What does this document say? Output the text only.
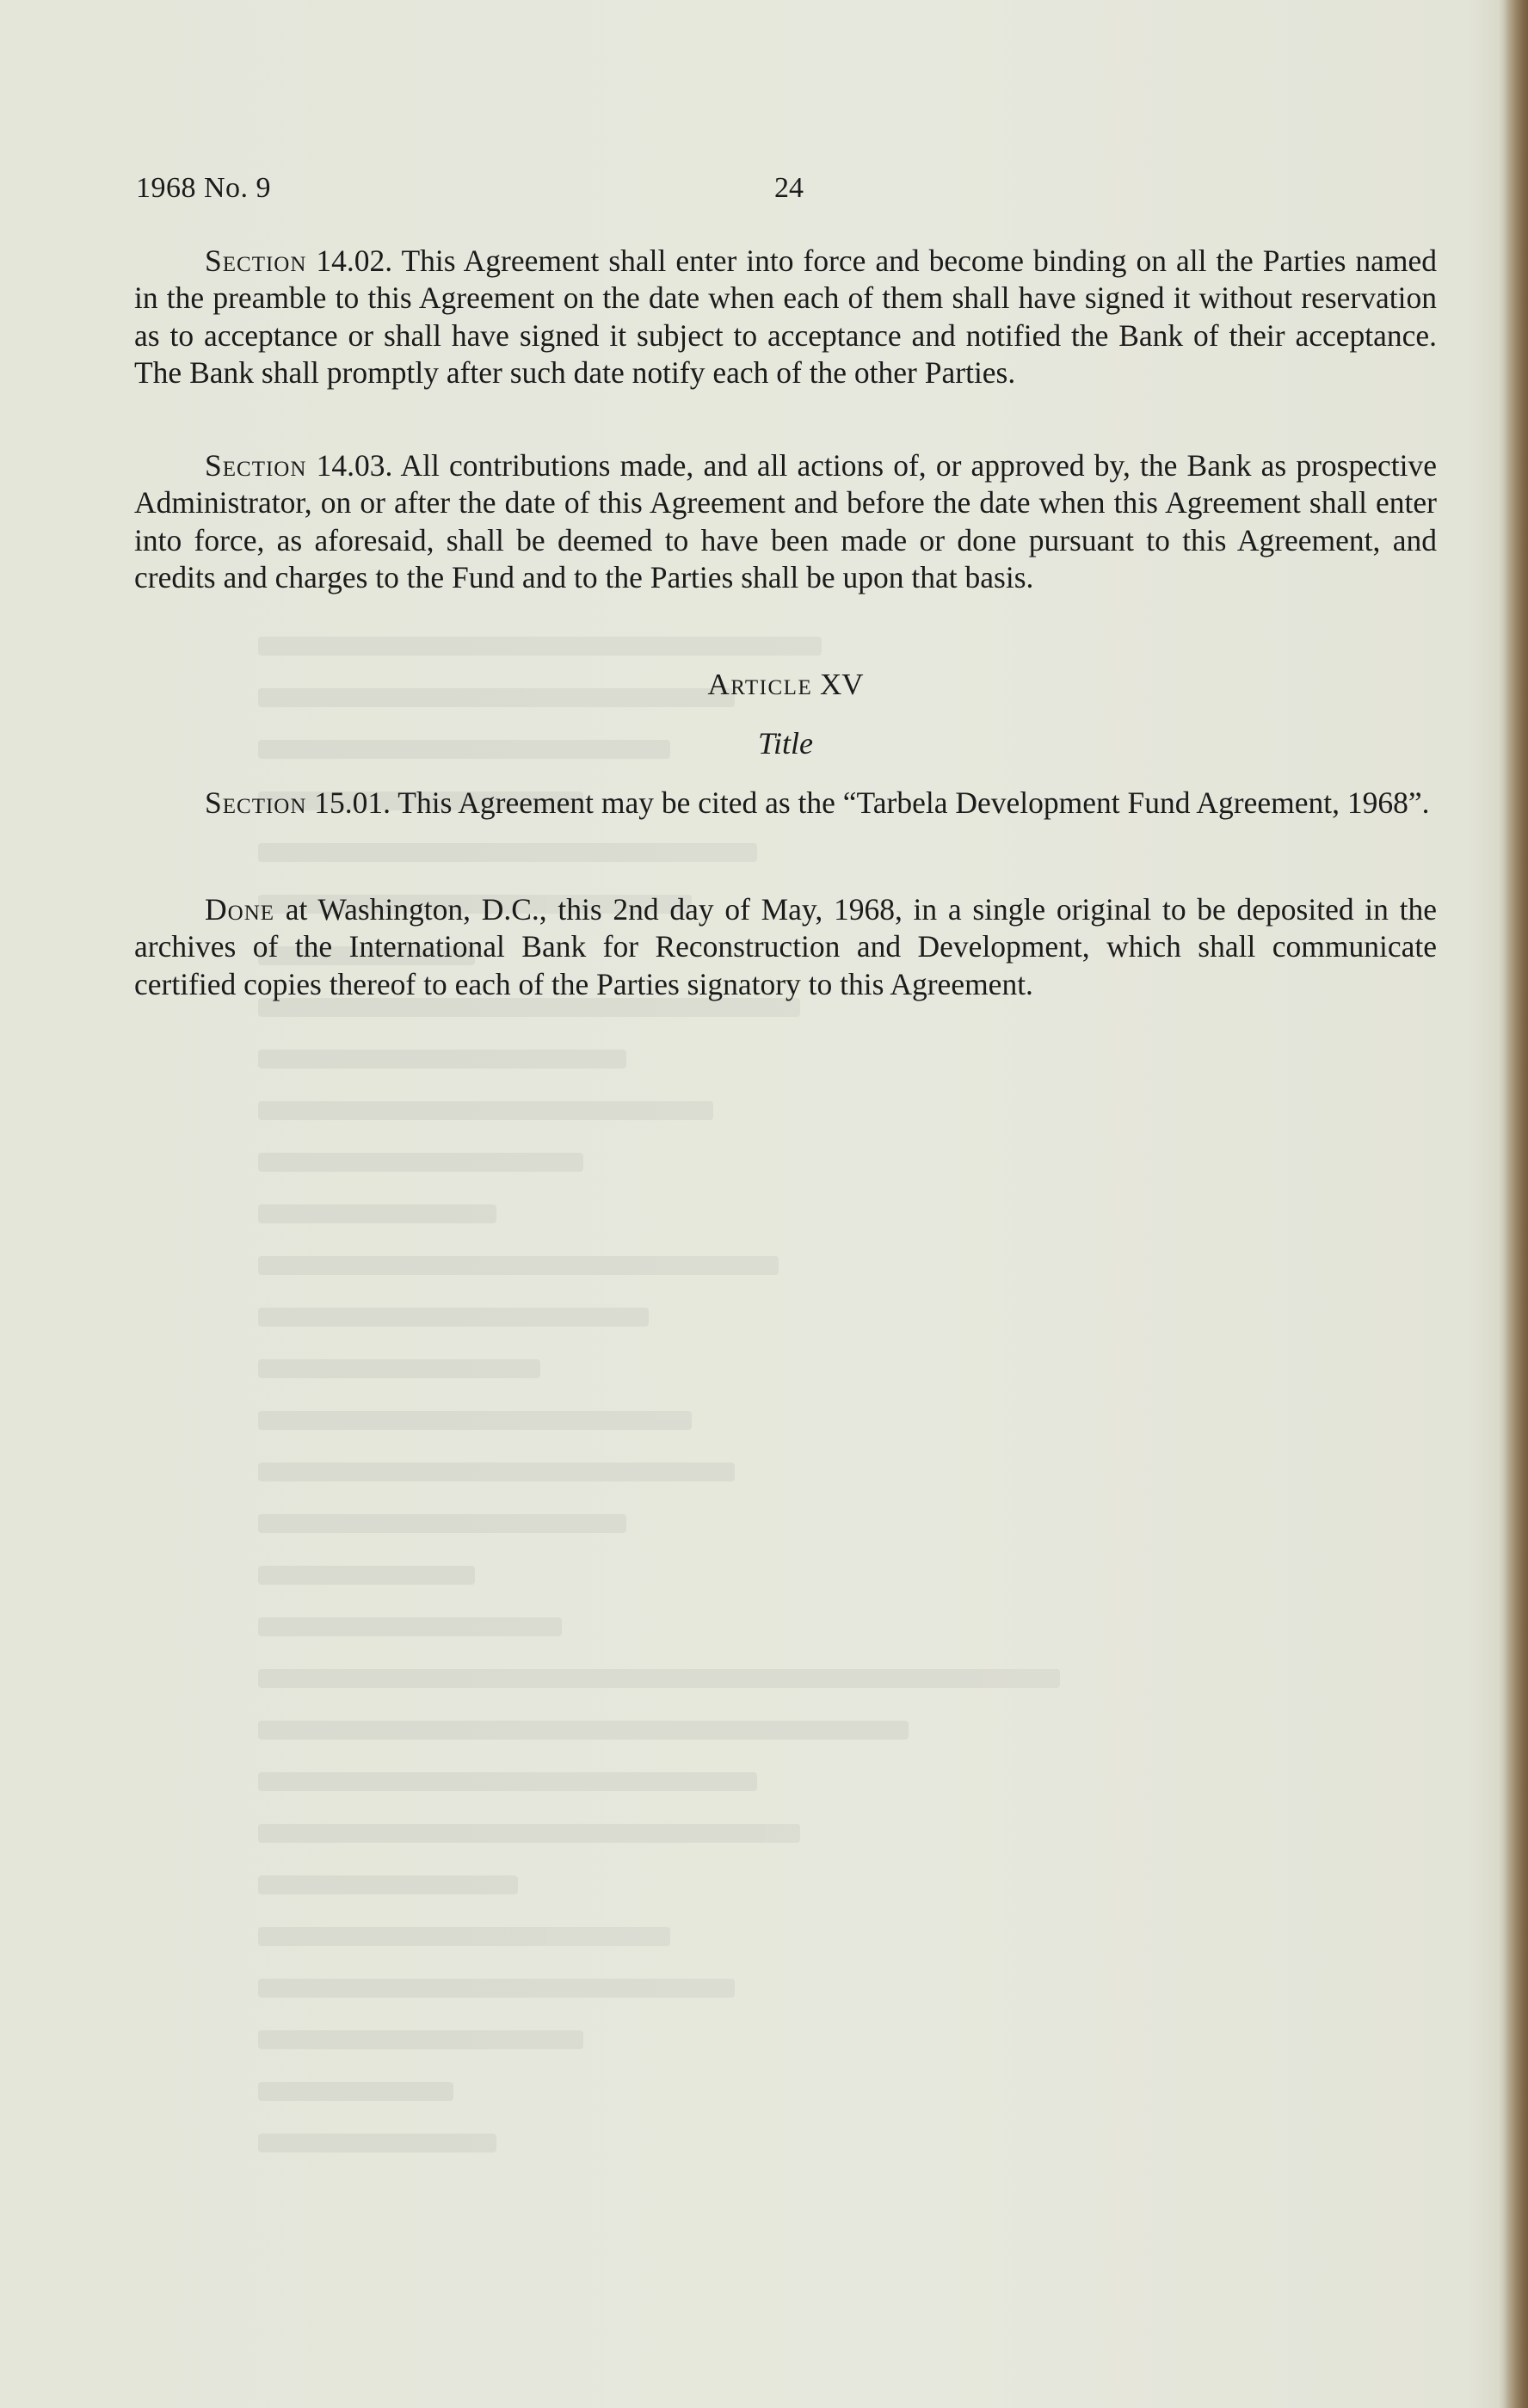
1968 No. 9	24

Section 14.02. This Agreement shall enter into force and become binding on all the Parties named in the preamble to this Agreement on the date when each of them shall have signed it without reservation as to acceptance or shall have signed it subject to acceptance and notified the Bank of their acceptance. The Bank shall promptly after such date notify each of the other Parties.

Section 14.03. All contributions made, and all actions of, or approved by, the Bank as prospective Administrator, on or after the date of this Agreement and before the date when this Agreement shall enter into force, as aforesaid, shall be deemed to have been made or done pursuant to this Agreement, and credits and charges to the Fund and to the Parties shall be upon that basis.

Article XV

Title

Section 15.01. This Agreement may be cited as the “Tarbela Development Fund Agreement, 1968”.

Done at Washington, D.C., this 2nd day of May, 1968, in a single original to be deposited in the archives of the International Bank for Reconstruction and Development, which shall communicate certified copies thereof to each of the Parties signatory to this Agreement.
